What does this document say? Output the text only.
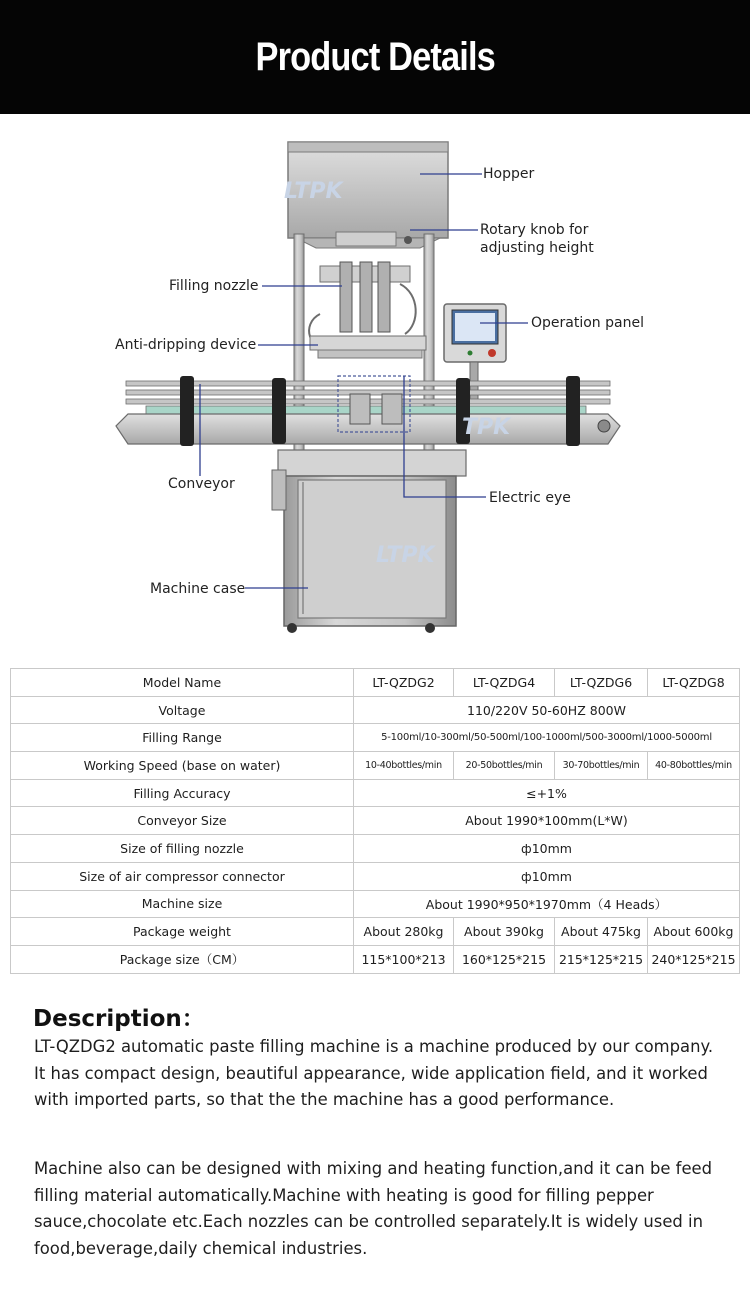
Product Details
LTPK
TPK
LTPK
Hopper
Rotary knob for
adjusting height
Filling nozzle
Operation panel
Anti-dripping device
Conveyor
Electric eye
Machine case
Model Name	LT-QZDG2	LT-QZDG4	LT-QZDG6	LT-QZDG8
Voltage	110/220V 50-60HZ 800W			
Filling Range	5-100ml/10-300ml/50-500ml/100-1000ml/500-3000ml/1000-5000ml			
Working Speed (base on water)	10-40bottles/min	20-50bottles/min	30-70bottles/min	40-80bottles/min
Filling Accuracy	≤+1%			
Conveyor Size	About 1990*100mm(L*W)			
Size of filling nozzle	ф10mm			
Size of air compressor connector	ф10mm			
Machine size	About 1990*950*1970mm（4 Heads）			
Package weight	About 280kg	About 390kg	About 475kg	About 600kg
Package size（CM）	115*100*213	160*125*215	215*125*215	240*125*215
Description：
LT-QZDG2 automatic paste filling machine is a machine produced by our company. It has compact design, beautiful appearance, wide application field, and it worked with imported parts, so that the the machine has a good performance.
Machine also can be designed with mixing and heating function,and it can be feed filling material automatically.Machine with heating is good for filling pepper sauce,chocolate etc.Each nozzles can be controlled separately.It is widely used in food,beverage,daily chemical industries.
